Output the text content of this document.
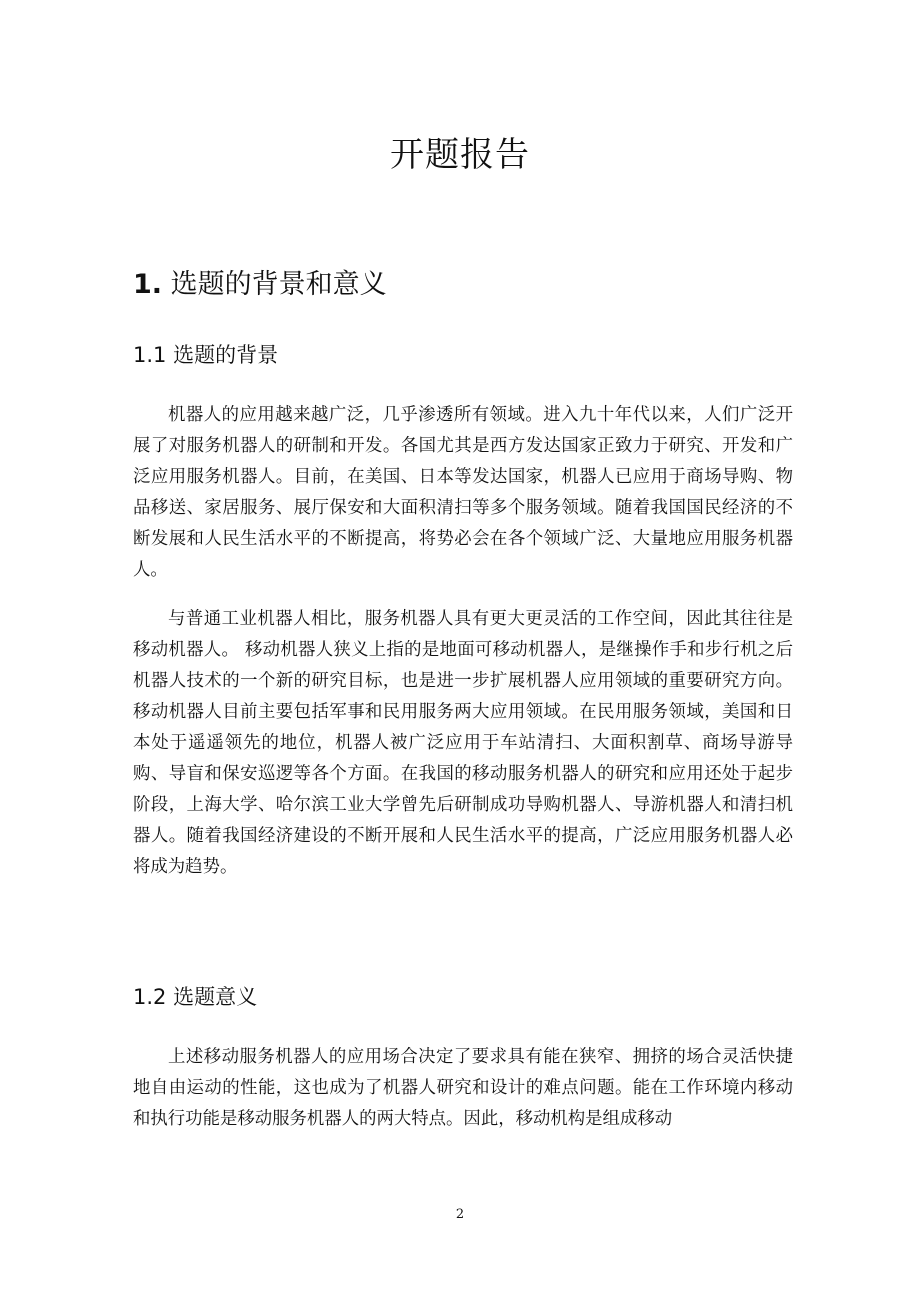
开题报告
1. 选题的背景和意义
1.1 选题的背景

机器人的应用越来越广泛，几乎渗透所有领域。进入九十年代以来，人们广泛开展了对服务机器人的研制和开发。各国尤其是西方发达国家正致力于研究、开发和广泛应用服务机器人。目前，在美国、日本等发达国家，机器人已应用于商场导购、物品移送、家居服务、展厅保安和大面积清扫等多个服务领域。随着我国国民经济的不断发展和人民生活水平的不断提高，将势必会在各个领域广泛、大量地应用服务机器人。

与普通工业机器人相比，服务机器人具有更大更灵活的工作空间，因此其往往是移动机器人。 移动机器人狭义上指的是地面可移动机器人，是继操作手和步行机之后机器人技术的一个新的研究目标，也是进一步扩展机器人应用领域的重要研究方向。移动机器人目前主要包括军事和民用服务两大应用领域。在民用服务领域，美国和日本处于遥遥领先的地位，机器人被广泛应用于车站清扫、大面积割草、商场导游导购、导盲和保安巡逻等各个方面。在我国的移动服务机器人的研究和应用还处于起步阶段，上海大学、哈尔滨工业大学曾先后研制成功导购机器人、导游机器人和清扫机器人。随着我国经济建设的不断开展和人民生活水平的提高，广泛应用服务机器人必将成为趋势。

1.2 选题意义

上述移动服务机器人的应用场合决定了要求具有能在狭窄、拥挤的场合灵活快捷地自由运动的性能，这也成为了机器人研究和设计的难点问题。能在工作环境内移动和执行功能是移动服务机器人的两大特点。因此，移动机构是组成移动

2
